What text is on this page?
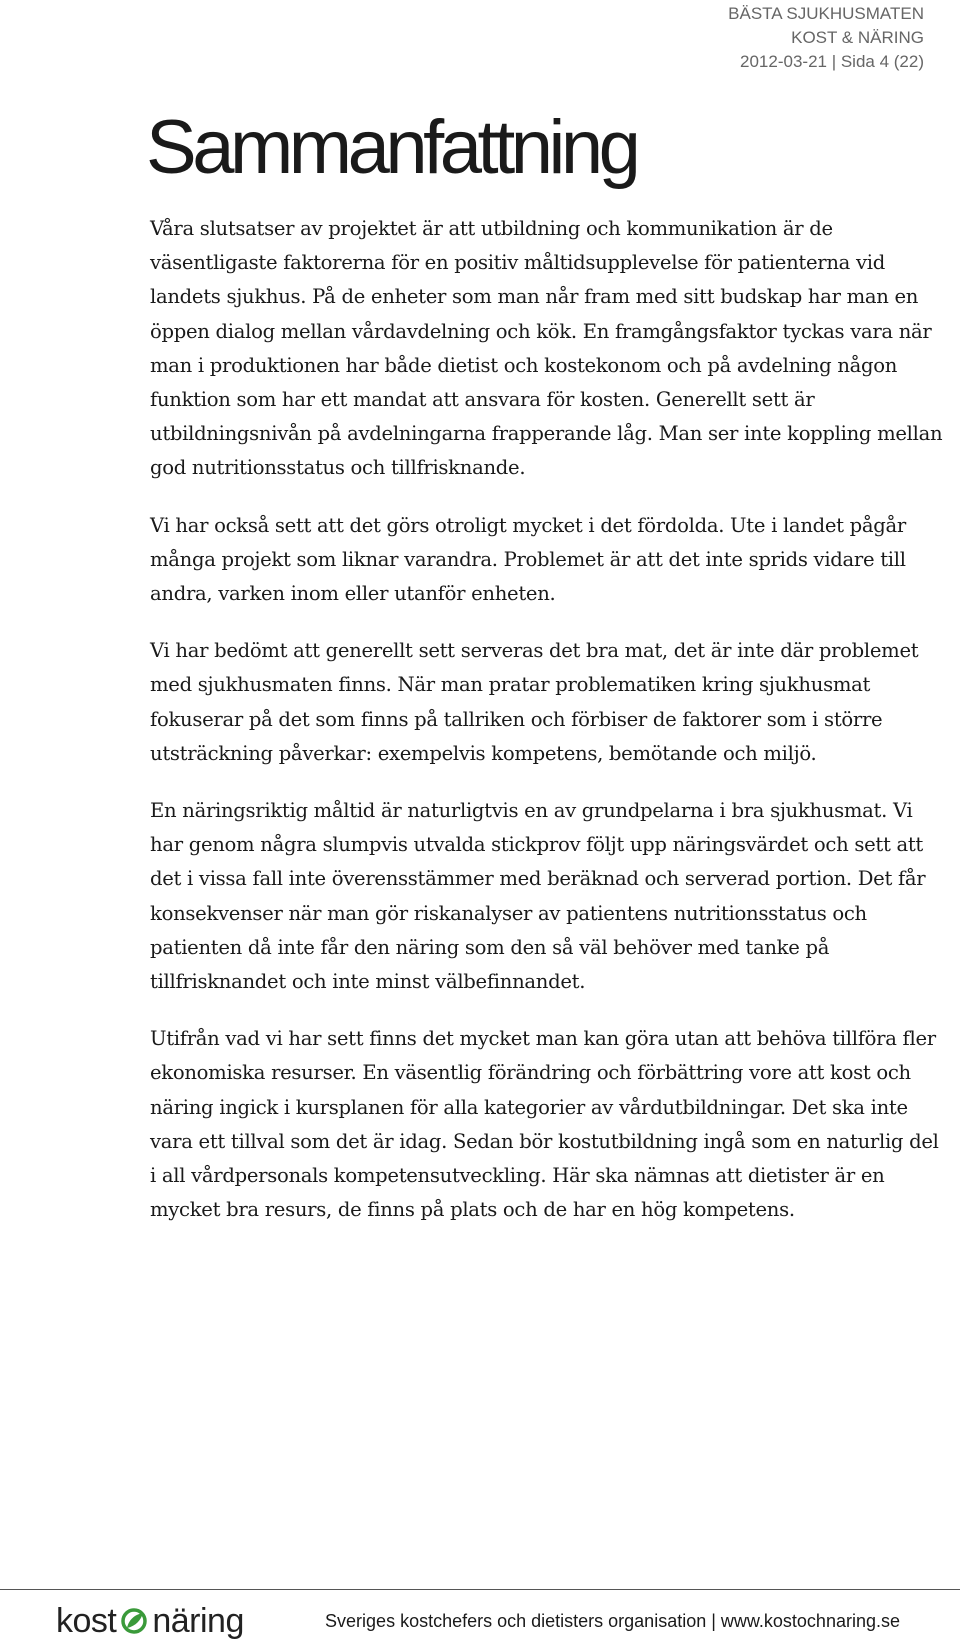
BÄSTA SJUKHUSMATEN
KOST & NÄRING
2012-03-21 | Sida 4 (22)
Sammanfattning

Våra slutsatser av projektet är att utbildning och kommunikation är de väsentligaste faktorerna för en positiv måltidsupplevelse för patienterna vid landets sjukhus. På de enheter som man når fram med sitt budskap har man en öppen dialog mellan vårdavdelning och kök. En framgångsfaktor tyckas vara när man i produktionen har både dietist och kostekonom och på avdelning någon funktion som har ett mandat att ansvara för kosten. Generellt sett är utbildningsnivån på avdelningarna frapperande låg. Man ser inte koppling mellan god nutritionsstatus och tillfrisknande.

Vi har också sett att det görs otroligt mycket i det fördolda. Ute i landet pågår många projekt som liknar varandra. Problemet är att det inte sprids vidare till andra, varken inom eller utanför enheten.

Vi har bedömt att generellt sett serveras det bra mat, det är inte där problemet med sjukhusmaten finns. När man pratar problematiken kring sjukhusmat fokuserar på det som finns på tallriken och förbiser de faktorer som i större utsträckning påverkar: exempelvis kompetens, bemötande och miljö.

En näringsriktig måltid är naturligtvis en av grundpelarna i bra sjukhusmat. Vi har genom några slumpvis utvalda stickprov följt upp näringsvärdet och sett att det i vissa fall inte överensstämmer med beräknad och serverad portion. Det får konsekvenser när man gör riskanalyser av patientens nutritionsstatus och patienten då inte får den näring som den så väl behöver med tanke på tillfrisknandet och inte minst välbefinnandet.

Utifrån vad vi har sett finns det mycket man kan göra utan att behöva tillföra fler ekonomiska resurser. En väsentlig förändring och förbättring vore att kost och näring ingick i kursplanen för alla kategorier av vårdutbildningar. Det ska inte vara ett tillval som det är idag. Sedan bör kostutbildning ingå som en naturlig del i all vårdpersonals kompetensutveckling. Här ska nämnas att dietister är en mycket bra resurs, de finns på plats och de har en hög kompetens.

kost näring	Sveriges kostchefers och dietisters organisation | www.kostochnaring.se
